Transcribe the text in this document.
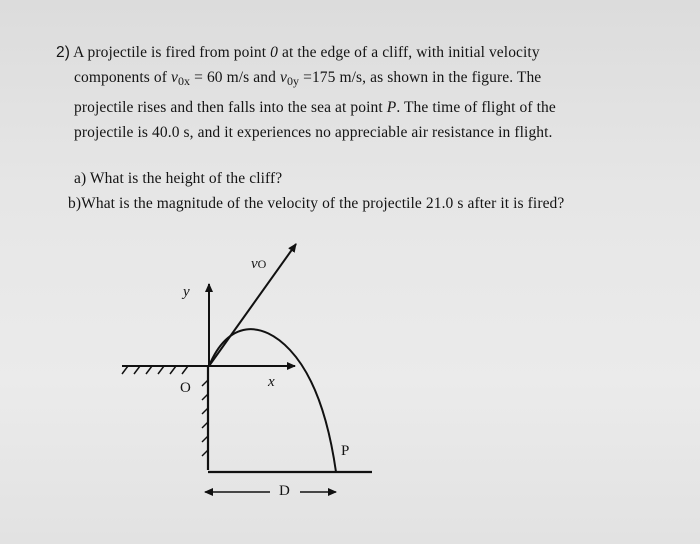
2) A projectile is fired from point 0 at the edge of a cliff, with initial velocity
components of $v_{0x} = 60$ m/s and $v_{0y} =175$ m/s, as shown in the figure. The
projectile rises and then falls into the sea at point P. The time of flight of the
projectile is 40.0 s, and it experiences no appreciable air resistance in flight.
a) What is the height of the cliff?
b)What is the magnitude of the velocity of the projectile 21.0 s after it is fired?
vO
y
x
O
P
D
